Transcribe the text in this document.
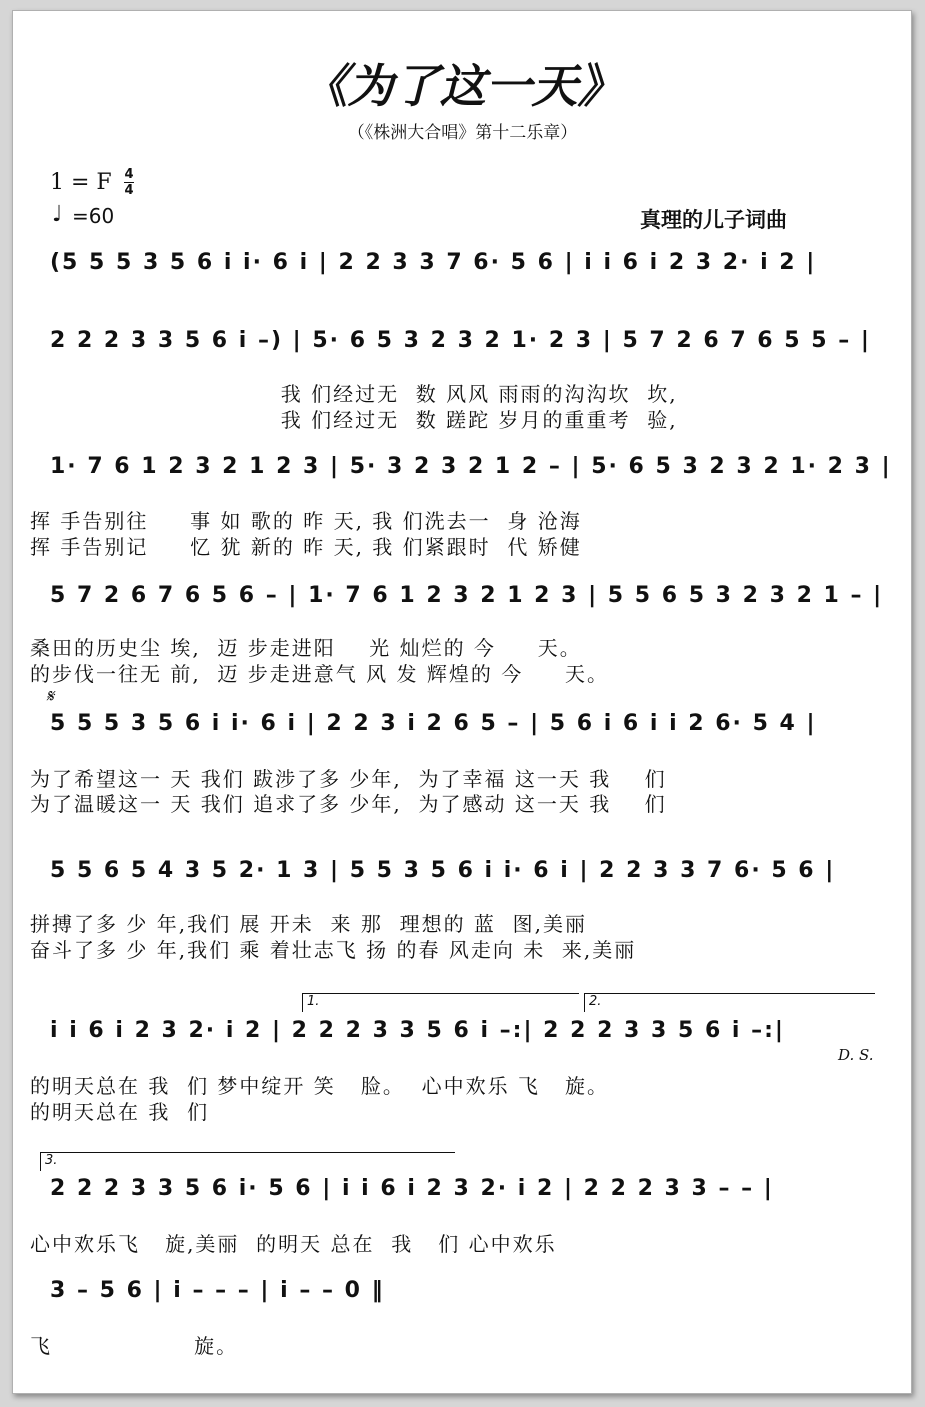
《为了这一天》
（《株洲大合唱》第十二乐章）
1 = F 4
4
♩ =60	真理的儿子词曲
(5 5 5 3 5 6 i i· 6 i | 2 2 3 3 7 6· 5 6 | i i 6 i 2 3 2· i 2 |
2 2 2 3 3 5 6 i –) | 5· 6 5 3 2 3 2 1· 2 3 | 5 7 2 6 7 6 5 5 – |
我 们经过无  数 风风 雨雨的沟沟坎  坎,
我 们经过无  数 蹉跎 岁月的重重考  验,
1· 7 6 1 2 3 2 1 2 3 | 5· 3 2 3 2 1 2 – | 5· 6 5 3 2 3 2 1· 2 3 |
挥 手告别往     事 如 歌的 昨 天, 我 们洗去一  身 沧海
挥 手告别记     忆 犹 新的 昨 天, 我 们紧跟时  代 矫健
5 7 2 6 7 6 5 6 – | 1· 7 6 1 2 3 2 1 2 3 | 5 5 6 5 3 2 3 2 1 – |
桑田的历史尘 埃,  迈 步走进阳    光 灿烂的 今     天。
的步伐一往无 前,  迈 步走进意气 风 发 辉煌的 今     天。
𝄋
5 5 5 3 5 6 i i· 6 i | 2 2 3 i 2 6 5 – | 5 6 i 6 i i 2 6· 5 4 |
为了希望这一 天 我们 跋涉了多 少年,  为了幸福 这一天 我    们
为了温暖这一 天 我们 追求了多 少年,  为了感动 这一天 我    们
5 5 6 5 4 3 5 2· 1 3 | 5 5 3 5 6 i i· 6 i | 2 2 3 3 7 6· 5 6 |
拼搏了多 少 年,我们 展 开未  来 那  理想的 蓝  图,美丽
奋斗了多 少 年,我们 乘 着壮志飞 扬 的春 风走向 未  来,美丽
1.	2.
i i 6 i 2 3 2· i 2 | 2 2 2 3 3 5 6 i –:| 2 2 2 3 3 5 6 i –:|
D. S.
的明天总在 我  们 梦中绽开 笑   脸。  心中欢乐 飞   旋。
的明天总在 我  们
3.
2 2 2 3 3 5 6 i· 5 6 | i i 6 i 2 3 2· i 2 | 2 2 2 3 3 – – |
心中欢乐飞   旋,美丽  的明天 总在  我   们 心中欢乐
3 – 5 6 | i – – – | i – – 0 ‖
飞                 旋。
